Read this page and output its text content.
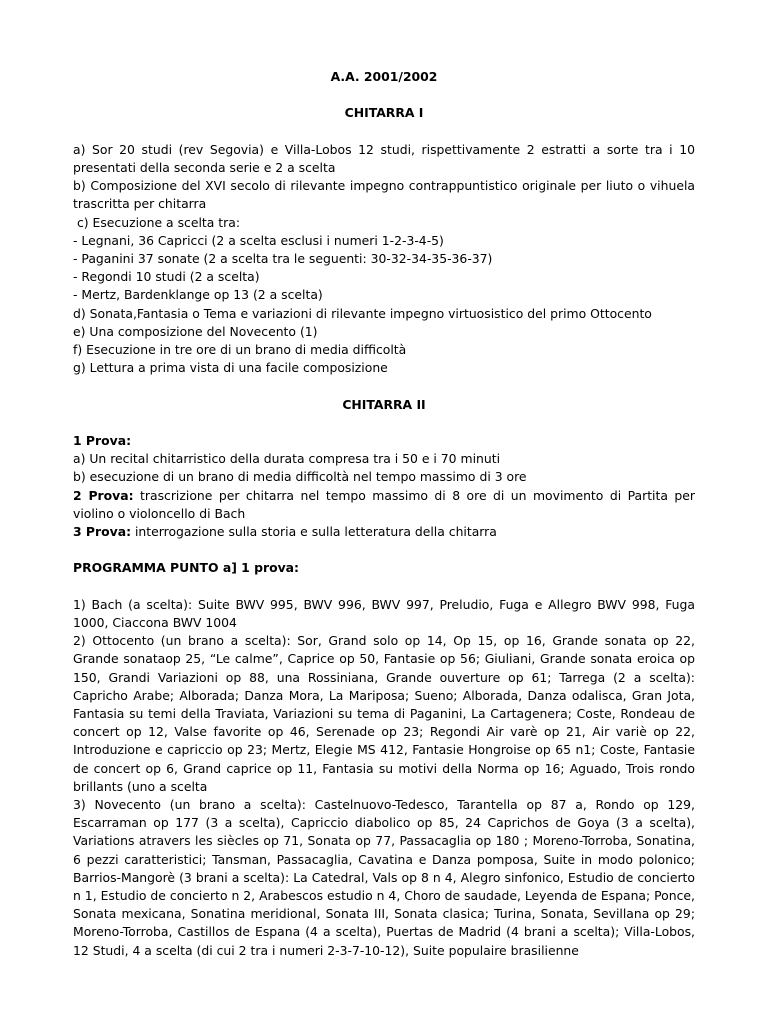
A.A. 2001/2002

CHITARRA I

a) Sor 20 studi (rev Segovia) e Villa-Lobos 12 studi, rispettivamente 2 estratti a sorte tra i 10 presentati della seconda serie e 2 a scelta

b) Composizione del XVI secolo di rilevante impegno contrappuntistico originale per liuto o vihuela trascritta per chitarra

c) Esecuzione a scelta tra:

- Legnani, 36 Capricci (2 a scelta esclusi i numeri 1-2-3-4-5)

- Paganini 37 sonate (2 a scelta tra le seguenti: 30-32-34-35-36-37)

- Regondi 10 studi (2 a scelta)

- Mertz, Bardenklange op 13 (2 a scelta)

d) Sonata,Fantasia o Tema e variazioni di rilevante impegno virtuosistico del primo Ottocento

e) Una composizione del Novecento (1)

f) Esecuzione in tre ore di un brano di media difficoltà

g) Lettura a prima vista di una facile composizione

CHITARRA II

1 Prova:

a) Un recital chitarristico della durata compresa tra i 50 e i 70 minuti

b) esecuzione di un brano di media difficoltà nel tempo massimo di 3 ore

2 Prova: trascrizione per chitarra nel tempo massimo di 8 ore di un movimento di Partita per violino o violoncello di Bach

3 Prova: interrogazione sulla storia e sulla letteratura della chitarra

PROGRAMMA PUNTO a] 1 prova:

1) Bach (a scelta): Suite BWV 995, BWV 996, BWV 997, Preludio, Fuga e Allegro BWV 998, Fuga 1000, Ciaccona BWV 1004

2) Ottocento (un brano a scelta): Sor, Grand solo op 14, Op 15, op 16, Grande sonata op 22, Grande sonataop 25, “Le calme”, Caprice op 50, Fantasie op 56; Giuliani, Grande sonata eroica op 150, Grandi Variazioni op 88, una Rossiniana, Grande ouverture op 61; Tarrega (2 a scelta): Capricho Arabe; Alborada; Danza Mora, La Mariposa; Sueno; Alborada, Danza odalisca, Gran Jota, Fantasia su temi della Traviata, Variazioni su tema di Paganini, La Cartagenera; Coste, Rondeau de concert op 12, Valse favorite op 46, Serenade op 23; Regondi Air varè op 21, Air variè op 22, Introduzione e capriccio op 23; Mertz, Elegie MS 412, Fantasie Hongroise op 65 n1; Coste, Fantasie de concert op 6, Grand caprice op 11, Fantasia su motivi della Norma op 16; Aguado, Trois rondo brillants (uno a scelta

3) Novecento (un brano a scelta): Castelnuovo-Tedesco, Tarantella op 87 a, Rondo op 129, Escarraman op 177 (3 a scelta), Capriccio diabolico op 85, 24 Caprichos de Goya (3 a scelta), Variations atravers les siècles op 71, Sonata op 77, Passacaglia op 180 ; Moreno-Torroba, Sonatina, 6 pezzi caratteristici; Tansman, Passacaglia, Cavatina e Danza pomposa, Suite in modo polonico; Barrios-Mangorè (3 brani a scelta): La Catedral, Vals op 8 n 4, Alegro sinfonico, Estudio de concierto n 1, Estudio de concierto n 2, Arabescos estudio n 4, Choro de saudade, Leyenda de Espana; Ponce, Sonata mexicana, Sonatina meridional, Sonata III, Sonata clasica; Turina, Sonata, Sevillana op 29; Moreno-Torroba, Castillos de Espana (4 a scelta), Puertas de Madrid (4 brani a scelta); Villa-Lobos, 12 Studi, 4 a scelta (di cui 2 tra i numeri 2-3-7-10-12), Suite populaire brasilienne
